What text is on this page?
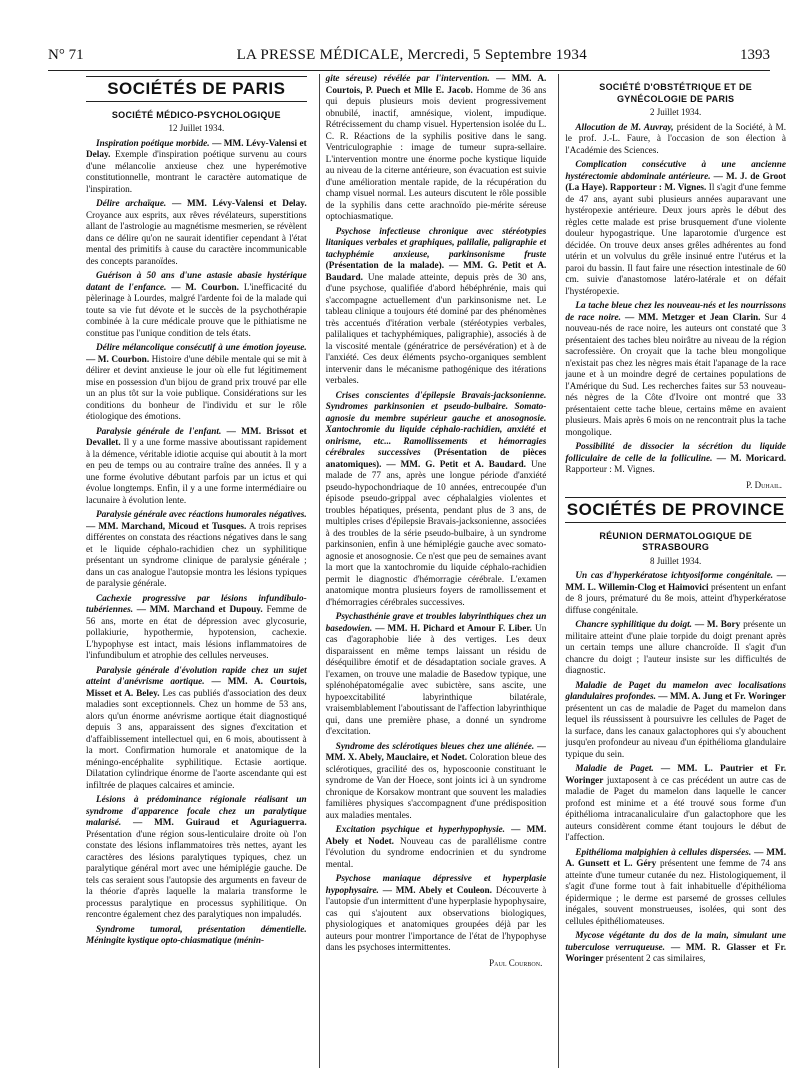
N° 71	LA PRESSE MÉDICALE, Mercredi, 5 Septembre 1934	1393
SOCIÉTÉS DE PARIS
SOCIÉTÉ MÉDICO-PSYCHOLOGIQUE
12 Juillet 1934.

Inspiration poétique morbide. — MM. Lévy-Valensi et Delay. Exemple d'inspiration poétique survenu au cours d'une mélancolie anxieuse chez une hyperémotive constitutionnelle, montrant le caractère automatique de l'inspiration.

Délire archaïque. — MM. Lévy-Valensi et Delay. Croyance aux esprits, aux rêves révélateurs, superstitions allant de l'astrologie au magnétisme mesmerien, se révèlent dans ce délire qu'on ne saurait identifier cependant à l'état mental des primitifs à cause du caractère incommunicable des concepts paranoïdes.

Guérison à 50 ans d'une astasie abasie hystérique datant de l'enfance. — M. Courbon. L'inefficacité du pèlerinage à Lourdes, malgré l'ardente foi de la malade qui toute sa vie fut dévote et le succès de la psychothérapie combinée à la cure médicale prouve que le pithiatisme ne constitue pas l'unique condition de tels états.

Délire mélancolique consécutif à une émotion joyeuse. — M. Courbon. Histoire d'une débile mentale qui se mit à délirer et devint anxieuse le jour où elle fut légitimement mise en possession d'un bijou de grand prix trouvé par elle un an plus tôt sur la voie publique. Considérations sur les conditions du bonheur de l'individu et sur le rôle étiologique des émotions.

Paralysie générale de l'enfant. — MM. Brissot et Devallet. Il y a une forme massive aboutissant rapidement à la démence, véritable idiotie acquise qui aboutit à la mort en peu de temps ou au contraire traîne des années. Il y a une forme évolutive débutant parfois par un ictus et qui évolue longtemps. Enfin, il y a une forme intermédiaire ou lacunaire à évolution lente.

Paralysie générale avec réactions humorales négatives. — MM. Marchand, Micoud et Tusques. A trois reprises différentes on constata des réactions négatives dans le sang et le liquide céphalo-rachidien chez un syphilitique présentant un syndrome clinique de paralysie générale ; dans un cas analogue l'autopsie montra les lésions typiques de paralysie générale.

Cachexie progressive par lésions infundibulo-tubériennes. — MM. Marchand et Dupouy. Femme de 56 ans, morte en état de dépression avec glycosurie, pollakiurie, hypothermie, hypotension, cachexie. L'hypophyse est intact, mais lésions inflammatoires de l'infundibulum et atrophie des cellules nerveuses.

Paralysie générale d'évolution rapide chez un sujet atteint d'anévrisme aortique. — MM. A. Courtois, Misset et A. Beley. Les cas publiés d'association des deux maladies sont exceptionnels. Chez un homme de 53 ans, alors qu'un énorme anévrisme aortique était diagnostiqué depuis 3 ans, apparaissent des signes d'excitation et d'affaiblissement intellectuel qui, en 6 mois, aboutissent à la mort. Confirmation humorale et anatomique de la méningo-encéphalite syphilitique. Ectasie aortique. Dilatation cylindrique énorme de l'aorte ascendante qui est infiltrée de plaques calcaires et amincie.

Lésions à prédominance régionale réalisant un syndrome d'apparence focale chez un paralytique malarisé. — MM. Guiraud et Aguriaguerra. Présentation d'une région sous-lenticulaire droite où l'on constate des lésions inflammatoires très nettes, ayant les caractères des lésions paralytiques typiques, chez un paralytique général mort avec une hémiplégie gauche. De tels cas seraient sous l'autopsie des arguments en faveur de la théorie d'après laquelle la malaria transforme le processus paralytique en processus syphilitique. On rencontre également chez des paralytiques non impaludés.

Syndrome tumoral, présentation démentielle. Méningite kystique opto-chiasmatique (ménin-

gite séreuse) révélée par l'intervention. — MM. A. Courtois, P. Puech et Mlle E. Jacob. Homme de 36 ans qui depuis plusieurs mois devient progressivement obnubilé, inactif, amnésique, violent, impudique. Rétrécissement du champ visuel. Hypertension isolée du L. C. R. Réactions de la syphilis positive dans le sang. Ventriculographie : image de tumeur supra-sellaire. L'intervention montre une énorme poche kystique liquide au niveau de la citerne antérieure, son évacuation est suivie d'une amélioration mentale rapide, de la récupération du champ visuel normal. Les auteurs discutent le rôle possible de la syphilis dans cette arachnoïdo pie-mérite séreuse optochiasmatique.

Psychose infectieuse chronique avec stéréotypies litaniques verbales et graphiques, palilalie, paligraphie et tachyphémie anxieuse, parkinsonisme fruste (Présentation de la malade). — MM. G. Petit et A. Baudard. Une malade atteinte, depuis près de 30 ans, d'une psychose, qualifiée d'abord hébéphrénie, mais qui s'accompagne actuellement d'un parkinsonisme net. Le tableau clinique a toujours été dominé par des phénomènes très accentués d'itération verbale (stéréotypies verbales, palilaliques et tachyphémiques, paligraphie), associés à de la viscosité mentale (génératrice de persévération) et à de l'anxiété. Ces deux éléments psycho-organiques semblent intervenir dans le mécanisme pathogénique des itérations verbales.

Crises conscientes d'épilepsie Bravais-jacksonienne. Syndromes parkinsonien et pseudo-bulbaire. Somato-agnosie du membre supérieur gauche et anosognosie. Xantochromie du liquide céphalo-rachidien, anxiété et onirisme, etc... Ramollissements et hémorragies cérébrales successives (Présentation de pièces anatomiques). — MM. G. Petit et A. Baudard. Une malade de 77 ans, après une longue période d'anxiété pseudo-hypochondriaque de 10 années, entrecoupée d'un épisode pseudo-grippal avec céphalalgies violentes et troubles hépatiques, présenta, pendant plus de 3 ans, de multiples crises d'épilepsie Bravais-jacksonienne, associées à des troubles de la série pseudo-bulbaire, à un syndrome parkinsonien, enfin à une hémiplégie gauche avec somato-agnosie et anosognosie. Ce n'est que peu de semaines avant la mort que la xantochromie du liquide céphalo-rachidien permit le diagnostic d'hémorragie cérébrale. L'examen anatomique montra plusieurs foyers de ramollissement et d'hémorragies cérébrales successives.

Psychasthénie grave et troubles labyrinthiques chez un basedowien. — MM. H. Pichard et Amour F. Liber. Un cas d'agoraphobie liée à des vertiges. Les deux disparaissent en même temps laissant un résidu de déséquilibre émotif et de désadaptation sociale graves. A l'examen, on trouve une maladie de Basedow typique, une splénohépatomégalie avec subictère, sans ascite, une hypoexcitabilité labyrinthique bilatérale, vraisemblablement l'aboutissant de l'affection labyrinthique qui, dans une première phase, a donné un syndrome d'excitation.

Syndrome des sclérotiques bleues chez une aliénée. — MM. X. Abely, Mauclaire, et Nodet. Coloration bleue des sclérotiques, gracilité des os, hyposcoonie constituant le syndrome de Van der Hoece, sont joints ici à un syndrome chronique de Korsakow montrant que souvent les maladies familières physiques s'accompagnent d'une prédisposition aux maladies mentales.

Excitation psychique et hyperhypophysie. — MM. Abely et Nodet. Nouveau cas de parallélisme contre l'évolution du syndrome endocrinien et du syndrome mental.

Psychose maniaque dépressive et hyperplasie hypophysaire. — MM. Abely et Couleon. Découverte à l'autopsie d'un intermittent d'une hyperplasie hypophysaire, cas qui s'ajoutent aux observations biologiques, physiologiques et anatomiques groupées déjà par les auteurs pour montrer l'importance de l'état de l'hypophyse dans les psychoses intermittentes.

Paul Courbon.
SOCIÉTÉ D'OBSTÉTRIQUE ET DE GYNÉCOLOGIE DE PARIS
2 Juillet 1934.

Allocution de M. Auvray, président de la Société, à M. le prof. J.-L. Faure, à l'occasion de son élection à l'Académie des Sciences.

Complication consécutive à une ancienne hystérectomie abdominale antérieure. — M. J. de Groot (La Haye). Rapporteur : M. Vignes. Il s'agit d'une femme de 47 ans, ayant subi plusieurs années auparavant une hystéropexie antérieure. Deux jours après le début des règles cette malade est prise brusquement d'une violente douleur hypogastrique. Une laparotomie d'urgence est décidée. On trouve deux anses grêles adhérentes au fond utérin et un volvulus du grêle insinué entre l'utérus et la paroi du bassin. Il faut faire une résection intestinale de 60 cm. suivie d'anastomose latéro-latérale et on défait l'hystéropexie.

La tache bleue chez les nouveau-nés et les nourrissons de race noire. — MM. Metzger et Jean Clarin. Sur 4 nouveau-nés de race noire, les auteurs ont constaté que 3 présentaient des taches bleu noirâtre au niveau de la région sacrofessière. On croyait que la tache bleu mongolique n'existait pas chez les nègres mais était l'apanage de la race jaune et à un moindre degré de certaines populations de l'Amérique du Sud. Les recherches faites sur 53 nouveau-nés nègres de la Côte d'Ivoire ont montré que 33 présentaient cette tache bleue, certains même en avaient plusieurs. Mais après 6 mois on ne rencontrait plus la tache mongolique.

Possibilité de dissocier la sécrétion du liquide folliculaire de celle de la folliculine. — M. Moricard. Rapporteur : M. Vignes.

P. Duhail.
SOCIÉTÉS DE PROVINCE
RÉUNION DERMATOLOGIQUE DE STRASBOURG
8 Juillet 1934.

Un cas d'hyperkératose ichtyosiforme congénitale. — MM. L. Willemin-Clog et Haimovici présentent un enfant de 8 jours, prématuré du 8e mois, atteint d'hyperkératose diffuse congénitale.

Chancre syphilitique du doigt. — M. Bory présente un militaire atteint d'une plaie torpide du doigt prenant après un certain temps une allure chancroïde. Il s'agit d'un chancre du doigt ; l'auteur insiste sur les difficultés de diagnostic.

Maladie de Paget du mamelon avec localisations glandulaires profondes. — MM. A. Jung et Fr. Woringer présentent un cas de maladie de Paget du mamelon dans lequel ils réussissent à poursuivre les cellules de Paget de la surface, dans les canaux galactophores qui s'y abouchent jusqu'en profondeur au niveau d'un épithélioma glandulaire typique du sein.

Maladie de Paget. — MM. L. Pautrier et Fr. Woringer juxtaposent à ce cas précédent un autre cas de maladie de Paget du mamelon dans laquelle le cancer profond est minime et a été trouvé sous forme d'un épithélioma intracanaliculaire d'un galactophore que les auteurs considèrent comme étant toujours le début de l'affection.

Epithélioma malpighien à cellules dispersées. — MM. A. Gunsett et L. Géry présentent une femme de 74 ans atteinte d'une tumeur cutanée du nez. Histologiquement, il s'agit d'une forme tout à fait inhabituelle d'épithélioma épidermique ; le derme est parsemé de grosses cellules inégales, souvent monstrueuses, isolées, qui sont des cellules épithéliomateuses.

Mycose végétante du dos de la main, simulant une tuberculose verruqueuse. — MM. R. Glasser et Fr. Woringer présentent 2 cas similaires,
